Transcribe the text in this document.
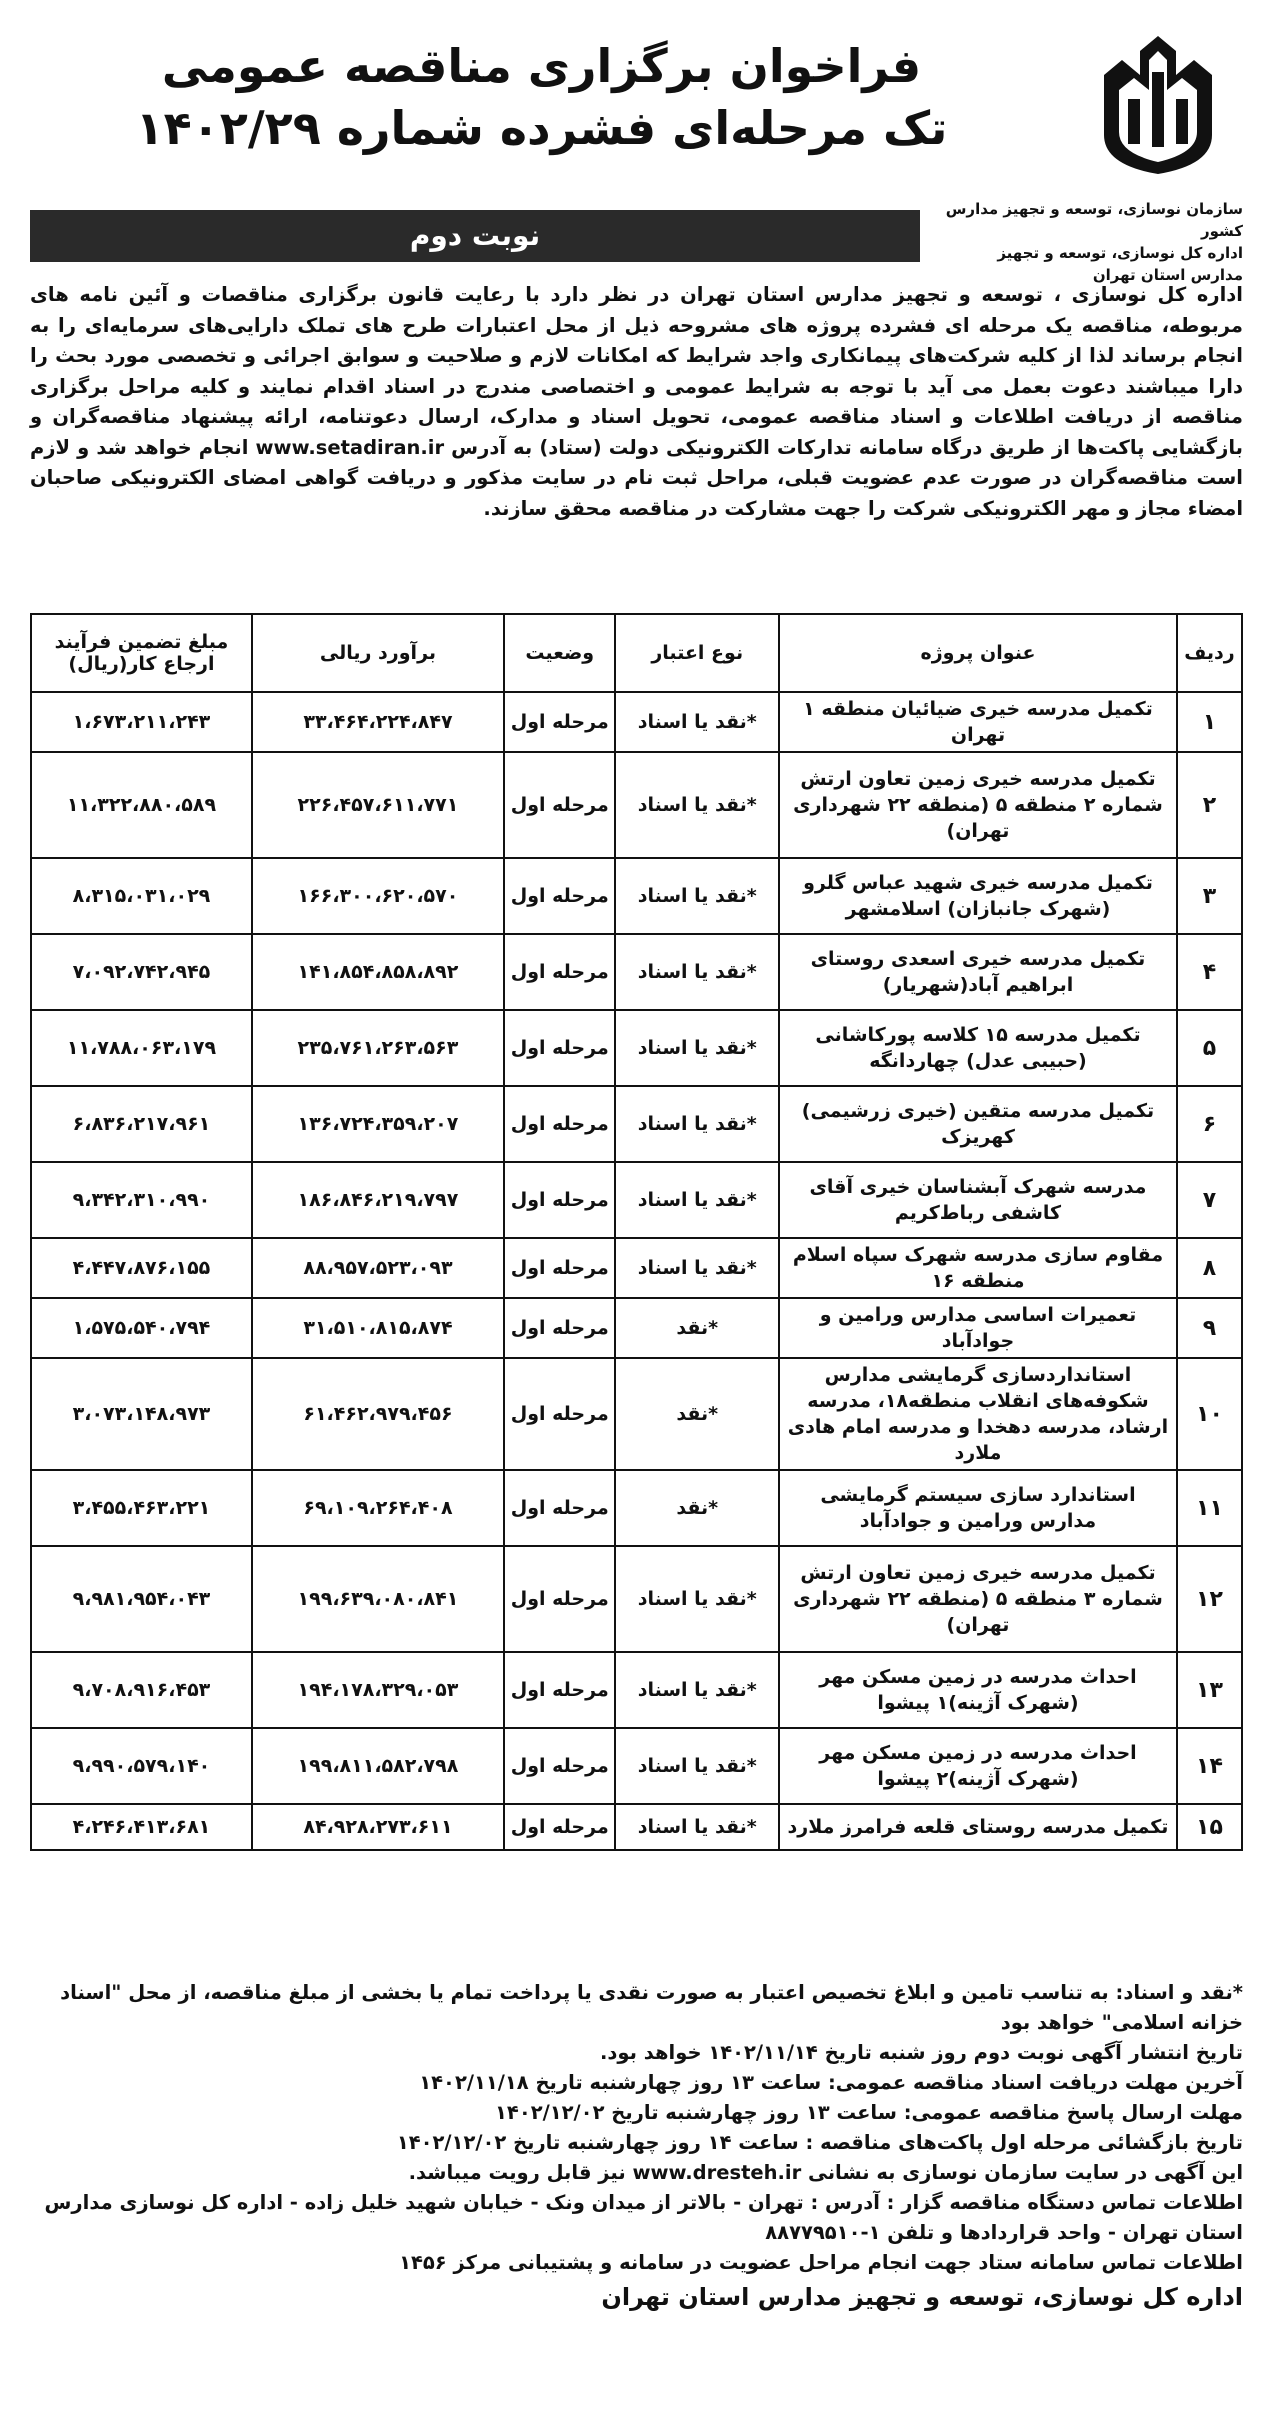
سازمان نوسازی، توسعه و تجهیز مدارس کشور
اداره کل نوسازی، توسعه و تجهیز مدارس استان تهران
فراخوان برگزاری مناقصه عمومی
تک مرحله‌ای فشرده شماره ۱۴۰۲/۲۹
نوبت دوم
اداره کل نوسازی ، توسعه و تجهیز مدارس استان تهران در نظر دارد با رعایت قانون برگزاری مناقصات و آئین نامه های مربوطه، مناقصه یک مرحله ای فشرده پروژه های مشروحه ذیل از محل اعتبارات طرح های تملک دارایی‌های سرمایه‌ای را به انجام برساند لذا از کلیه شرکت‌های پیمانکاری واجد شرایط که امکانات لازم و صلاحیت و سوابق اجرائی و تخصصی مورد بحث را دارا میباشند دعوت بعمل می آید با توجه به شرایط عمومی و اختصاصی مندرج در اسناد اقدام نمایند و کلیه مراحل برگزاری مناقصه از دریافت اطلاعات و اسناد مناقصه عمومی، تحویل اسناد و مدارک، ارسال دعوتنامه، ارائه پیشنهاد مناقصه‌گران و بازگشایی پاکت‌ها از طریق درگاه سامانه تدارکات الکترونیکی دولت (ستاد) به آدرس www.setadiran.ir انجام خواهد شد و لازم است مناقصه‌گران در صورت عدم عضویت قبلی، مراحل ثبت نام در سایت مذکور و دریافت گواهی امضای الکترونیکی صاحبان امضاء مجاز و مهر الکترونیکی شرکت را جهت مشارکت در مناقصه محقق سازند.
ردیف	عنوان پروژه	نوع اعتبار	وضعیت	برآورد ریالی	مبلغ تضمین فرآیند ارجاع کار(ریال)
۱	تکمیل مدرسه خیری ضیائیان منطقه ۱ تهران	*نقد یا اسناد	مرحله اول	۳۳،۴۶۴،۲۲۴،۸۴۷	۱،۶۷۳،۲۱۱،۲۴۳
۲	تکمیل مدرسه خیری زمین تعاون ارتش شماره ۲ منطقه ۵ (منطقه ۲۲ شهرداری تهران)	*نقد یا اسناد	مرحله اول	۲۲۶،۴۵۷،۶۱۱،۷۷۱	۱۱،۳۲۲،۸۸۰،۵۸۹
۳	تکمیل مدرسه خیری شهید عباس گلرو (شهرک جانبازان) اسلامشهر	*نقد یا اسناد	مرحله اول	۱۶۶،۳۰۰،۶۲۰،۵۷۰	۸،۳۱۵،۰۳۱،۰۲۹
۴	تکمیل مدرسه خیری اسعدی روستای ابراهیم آباد(شهریار)	*نقد یا اسناد	مرحله اول	۱۴۱،۸۵۴،۸۵۸،۸۹۲	۷،۰۹۲،۷۴۲،۹۴۵
۵	تکمیل مدرسه ۱۵ کلاسه پورکاشانی (حبیبی عدل) چهاردانگه	*نقد یا اسناد	مرحله اول	۲۳۵،۷۶۱،۲۶۳،۵۶۳	۱۱،۷۸۸،۰۶۳،۱۷۹
۶	تکمیل مدرسه متقین (خیری زرشیمی) کهریزک	*نقد یا اسناد	مرحله اول	۱۳۶،۷۲۴،۳۵۹،۲۰۷	۶،۸۳۶،۲۱۷،۹۶۱
۷	مدرسه شهرک آبشناسان خیری آقای کاشفی رباط‌کریم	*نقد یا اسناد	مرحله اول	۱۸۶،۸۴۶،۲۱۹،۷۹۷	۹،۳۴۲،۳۱۰،۹۹۰
۸	مقاوم سازی مدرسه شهرک سپاه اسلام منطقه ۱۶	*نقد یا اسناد	مرحله اول	۸۸،۹۵۷،۵۲۳،۰۹۳	۴،۴۴۷،۸۷۶،۱۵۵
۹	تعمیرات اساسی مدارس ورامین و جوادآباد	*نقد	مرحله اول	۳۱،۵۱۰،۸۱۵،۸۷۴	۱،۵۷۵،۵۴۰،۷۹۴
۱۰	استانداردسازی گرمایشی مدارس شکوفه‌های انقلاب منطقه۱۸، مدرسه ارشاد، مدرسه دهخدا و مدرسه امام هادی ملارد	*نقد	مرحله اول	۶۱،۴۶۲،۹۷۹،۴۵۶	۳،۰۷۳،۱۴۸،۹۷۳
۱۱	استاندارد سازی سیستم گرمایشی مدارس ورامین و جوادآباد	*نقد	مرحله اول	۶۹،۱۰۹،۲۶۴،۴۰۸	۳،۴۵۵،۴۶۳،۲۲۱
۱۲	تکمیل مدرسه خیری زمین تعاون ارتش شماره ۳ منطقه ۵ (منطقه ۲۲ شهرداری تهران)	*نقد یا اسناد	مرحله اول	۱۹۹،۶۳۹،۰۸۰،۸۴۱	۹،۹۸۱،۹۵۴،۰۴۳
۱۳	احداث مدرسه در زمین مسکن مهر (شهرک آژینه)۱ پیشوا	*نقد یا اسناد	مرحله اول	۱۹۴،۱۷۸،۳۲۹،۰۵۳	۹،۷۰۸،۹۱۶،۴۵۳
۱۴	احداث مدرسه در زمین مسکن مهر (شهرک آژینه)۲ پیشوا	*نقد یا اسناد	مرحله اول	۱۹۹،۸۱۱،۵۸۲،۷۹۸	۹،۹۹۰،۵۷۹،۱۴۰
۱۵	تکمیل مدرسه روستای قلعه فرامرز ملارد	*نقد یا اسناد	مرحله اول	۸۴،۹۲۸،۲۷۳،۶۱۱	۴،۲۴۶،۴۱۳،۶۸۱

*نقد و اسناد: به تناسب تامین و ابلاغ تخصیص اعتبار به صورت نقدی یا پرداخت تمام یا بخشی از مبلغ مناقصه، از محل "اسناد خزانه اسلامی" خواهد بود

تاریخ انتشار آگهی نوبت دوم روز شنبه تاریخ ۱۴۰۲/۱۱/۱۴ خواهد بود.

آخرین مهلت دریافت اسناد مناقصه عمومی: ساعت ۱۳ روز چهارشنبه تاریخ ۱۴۰۲/۱۱/۱۸

مهلت ارسال پاسخ مناقصه عمومی: ساعت ۱۳ روز چهارشنبه تاریخ ۱۴۰۲/۱۲/۰۲

تاریخ بازگشائی مرحله اول پاکت‌های مناقصه : ساعت ۱۴ روز چهارشنبه تاریخ ۱۴۰۲/۱۲/۰۲

این آگهی در سایت سازمان نوسازی به نشانی www.dresteh.ir نیز قابل رویت میباشد.

اطلاعات تماس دستگاه مناقصه گزار : آدرس : تهران - بالاتر از میدان ونک - خیابان شهید خلیل زاده - اداره کل نوسازی مدارس استان تهران - واحد قراردادها و تلفن ۱-۸۸۷۷۹۵۱۰

اطلاعات تماس سامانه ستاد جهت انجام مراحل عضویت در سامانه و پشتیبانی مرکز ۱۴۵۶

اداره کل نوسازی، توسعه و تجهیز مدارس استان تهران
